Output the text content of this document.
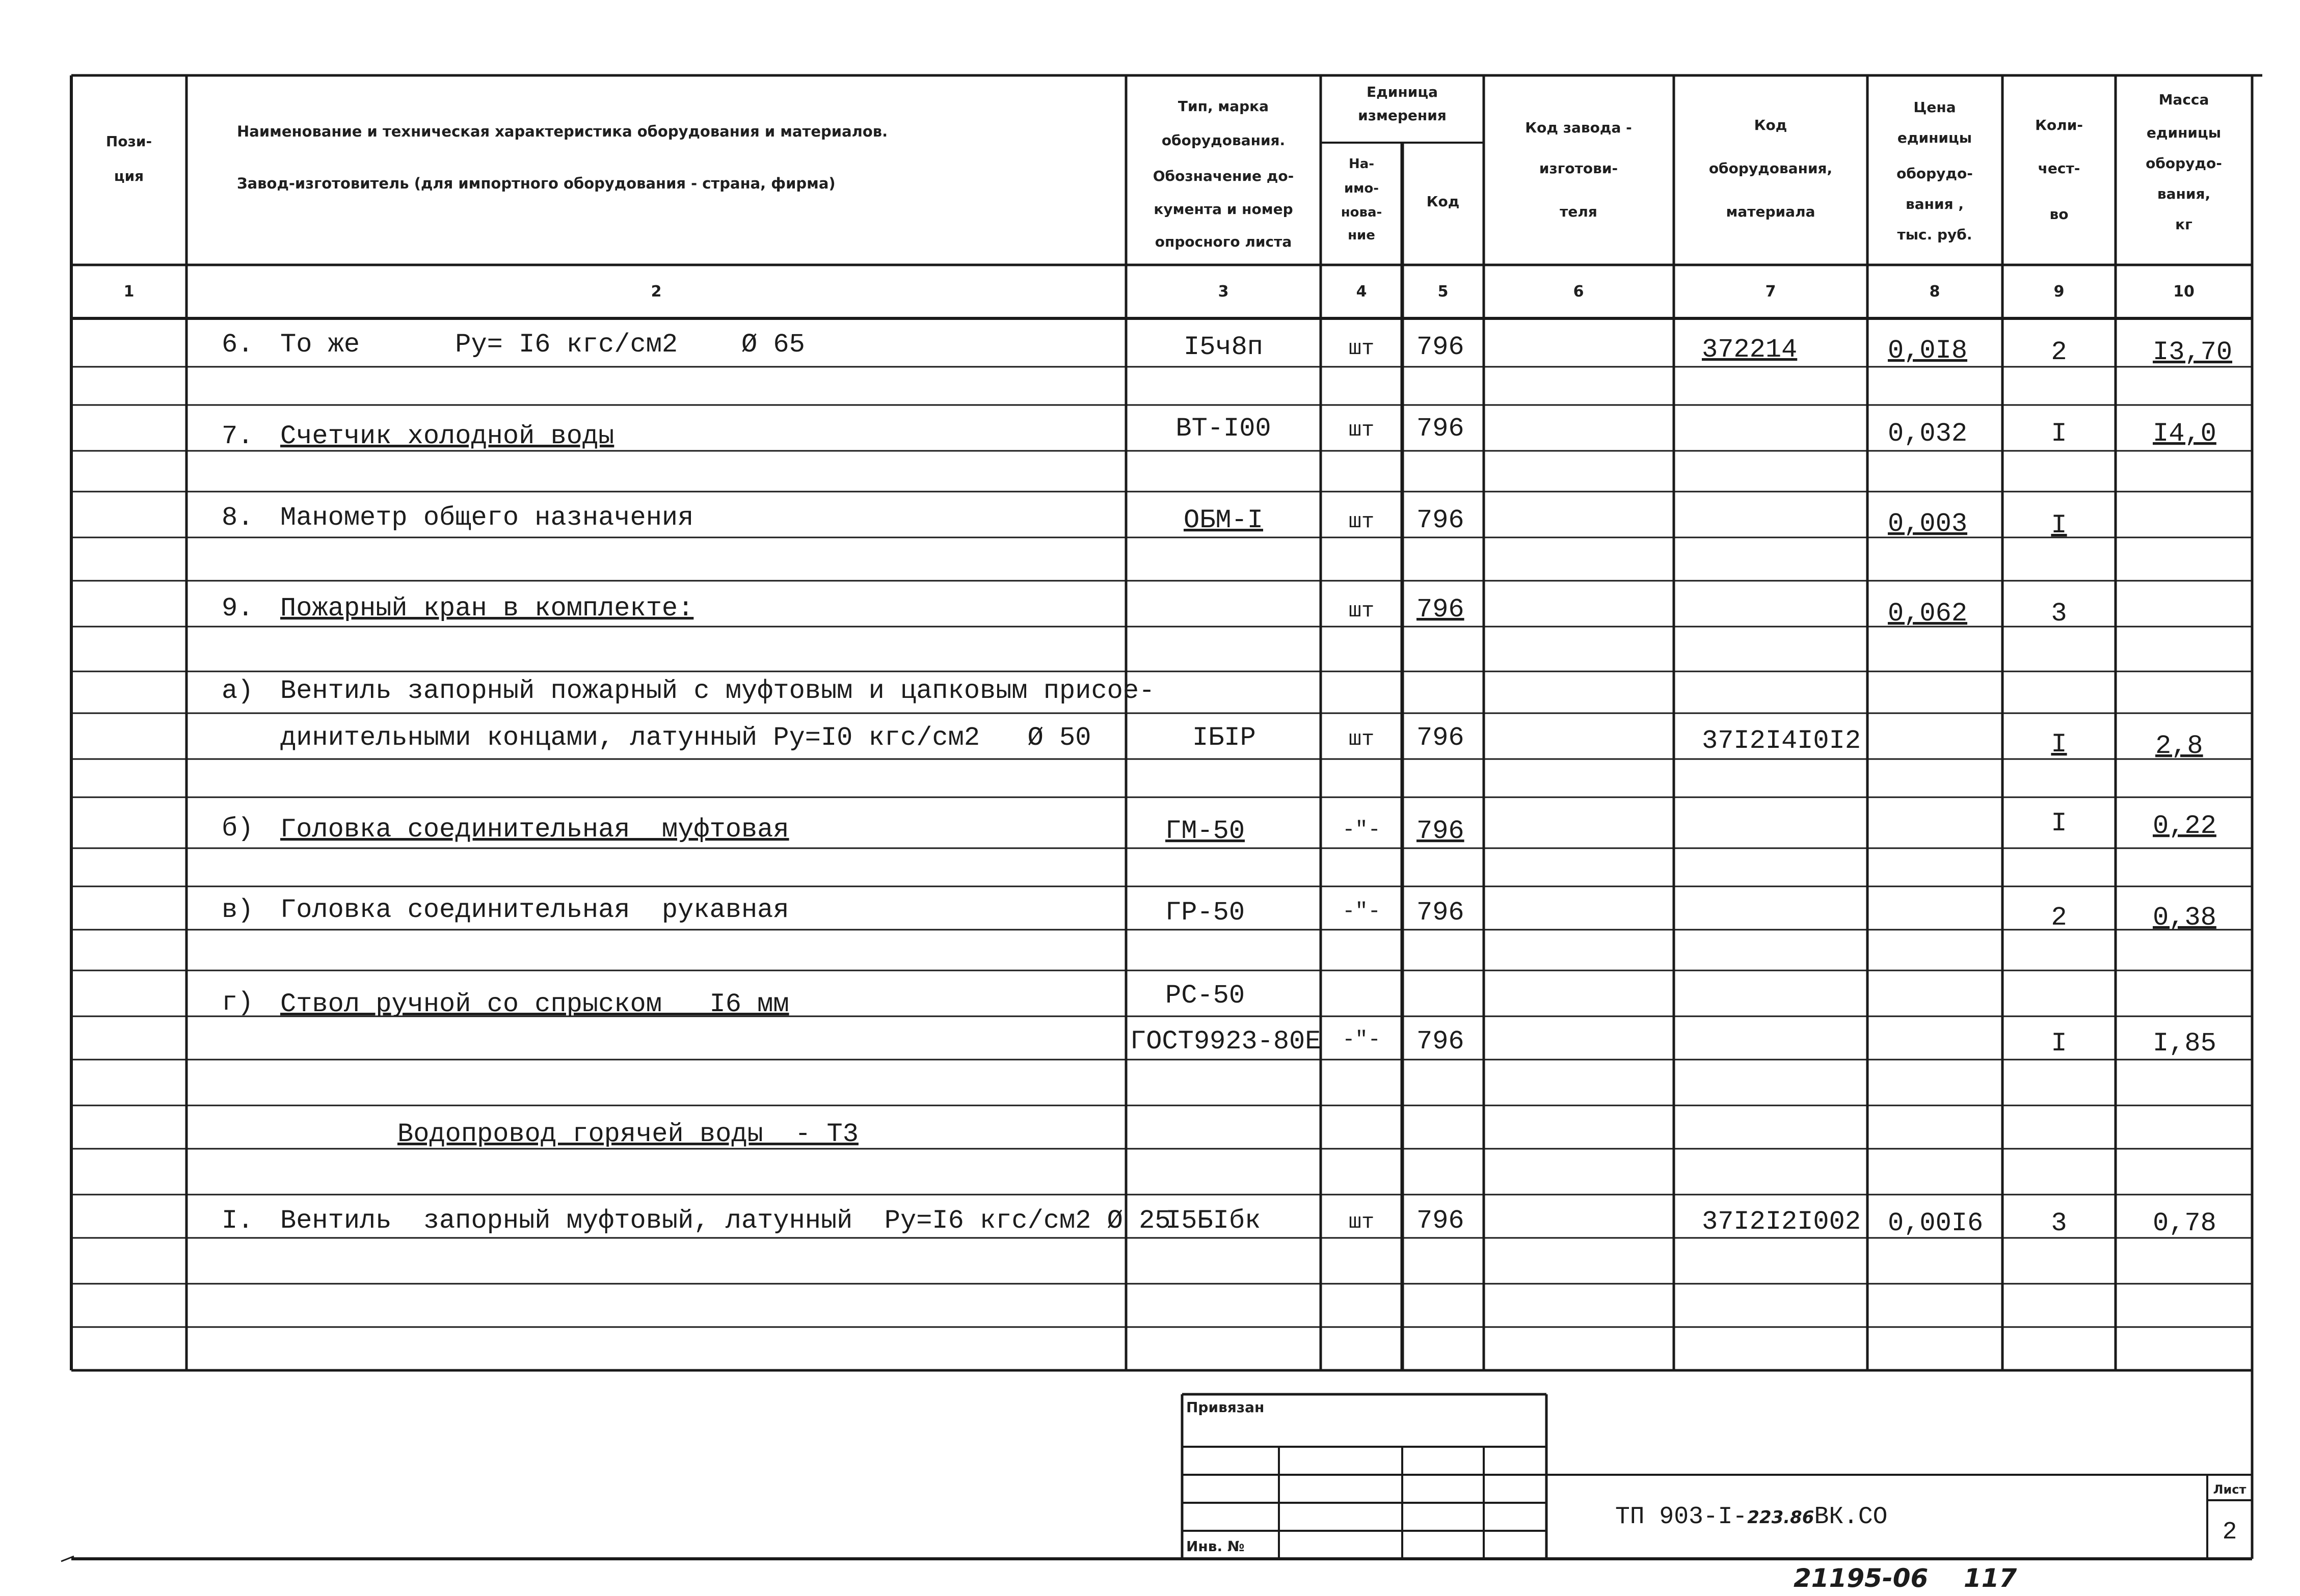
Пози-
ция
Наименование и техническая характеристика оборудования и материалов.
Завод-изготовитель (для импортного оборудования - страна, фирма)
Тип, марка
оборудования.
Обозначение до-
кумента и номер
опросного листа
Единица
измерения
На-
имо-
нова-
ние
Код
Код завода -
изготови-
теля
Код
оборудования,
материала
Цена
единицы
оборудо-
вания ,
тыс. руб.
Коли-
чест-
во
Масса
единицы
оборудо-
вания,
кг
1	2	3	4	5	6	7	8	9	10
6. То же      Ру= I6 кгс/см2    Ø 65	I5ч8п	шт 796	372214	0,0I8	2	I3,70
7. Счетчик холодной воды	ВТ-I00	шт 796	0,032	I	I4,0
8. Манометр общего назначения	ОБМ-I	шт 796	0,003	I
9. Пожарный кран в комплекте:	шт 796	0,062	3
а) Вентиль запорный пожарный с муфтовым и цапковым присое-
динительными концами, латунный Ру=I0 кгс/см2   Ø 50	IБIР	шт 796	37I2I4I0I2	I	2,8
б) Головка соединительная  муфтовая	ГМ-50	-"- 796	I	0,22
в) Головка соединительная  рукавная	ГР-50	-"- 796	2	0,38
г) Ствол ручной со спрыском   I6 мм	РС-50
ГОСТ9923-80Е -"- 796	I	I,85
Водопровод горячей воды  - Т3
I. Вентиль  запорный муфтовый, латунный  Ру=I6 кгс/см2 Ø 25
I5БIбк	шт 796	37I2I2I002 0,00I6	3	0,78
Привязан
Инв. №
ТП 903-I-223.86ВК.СО
Лист
2
21195-06    117
